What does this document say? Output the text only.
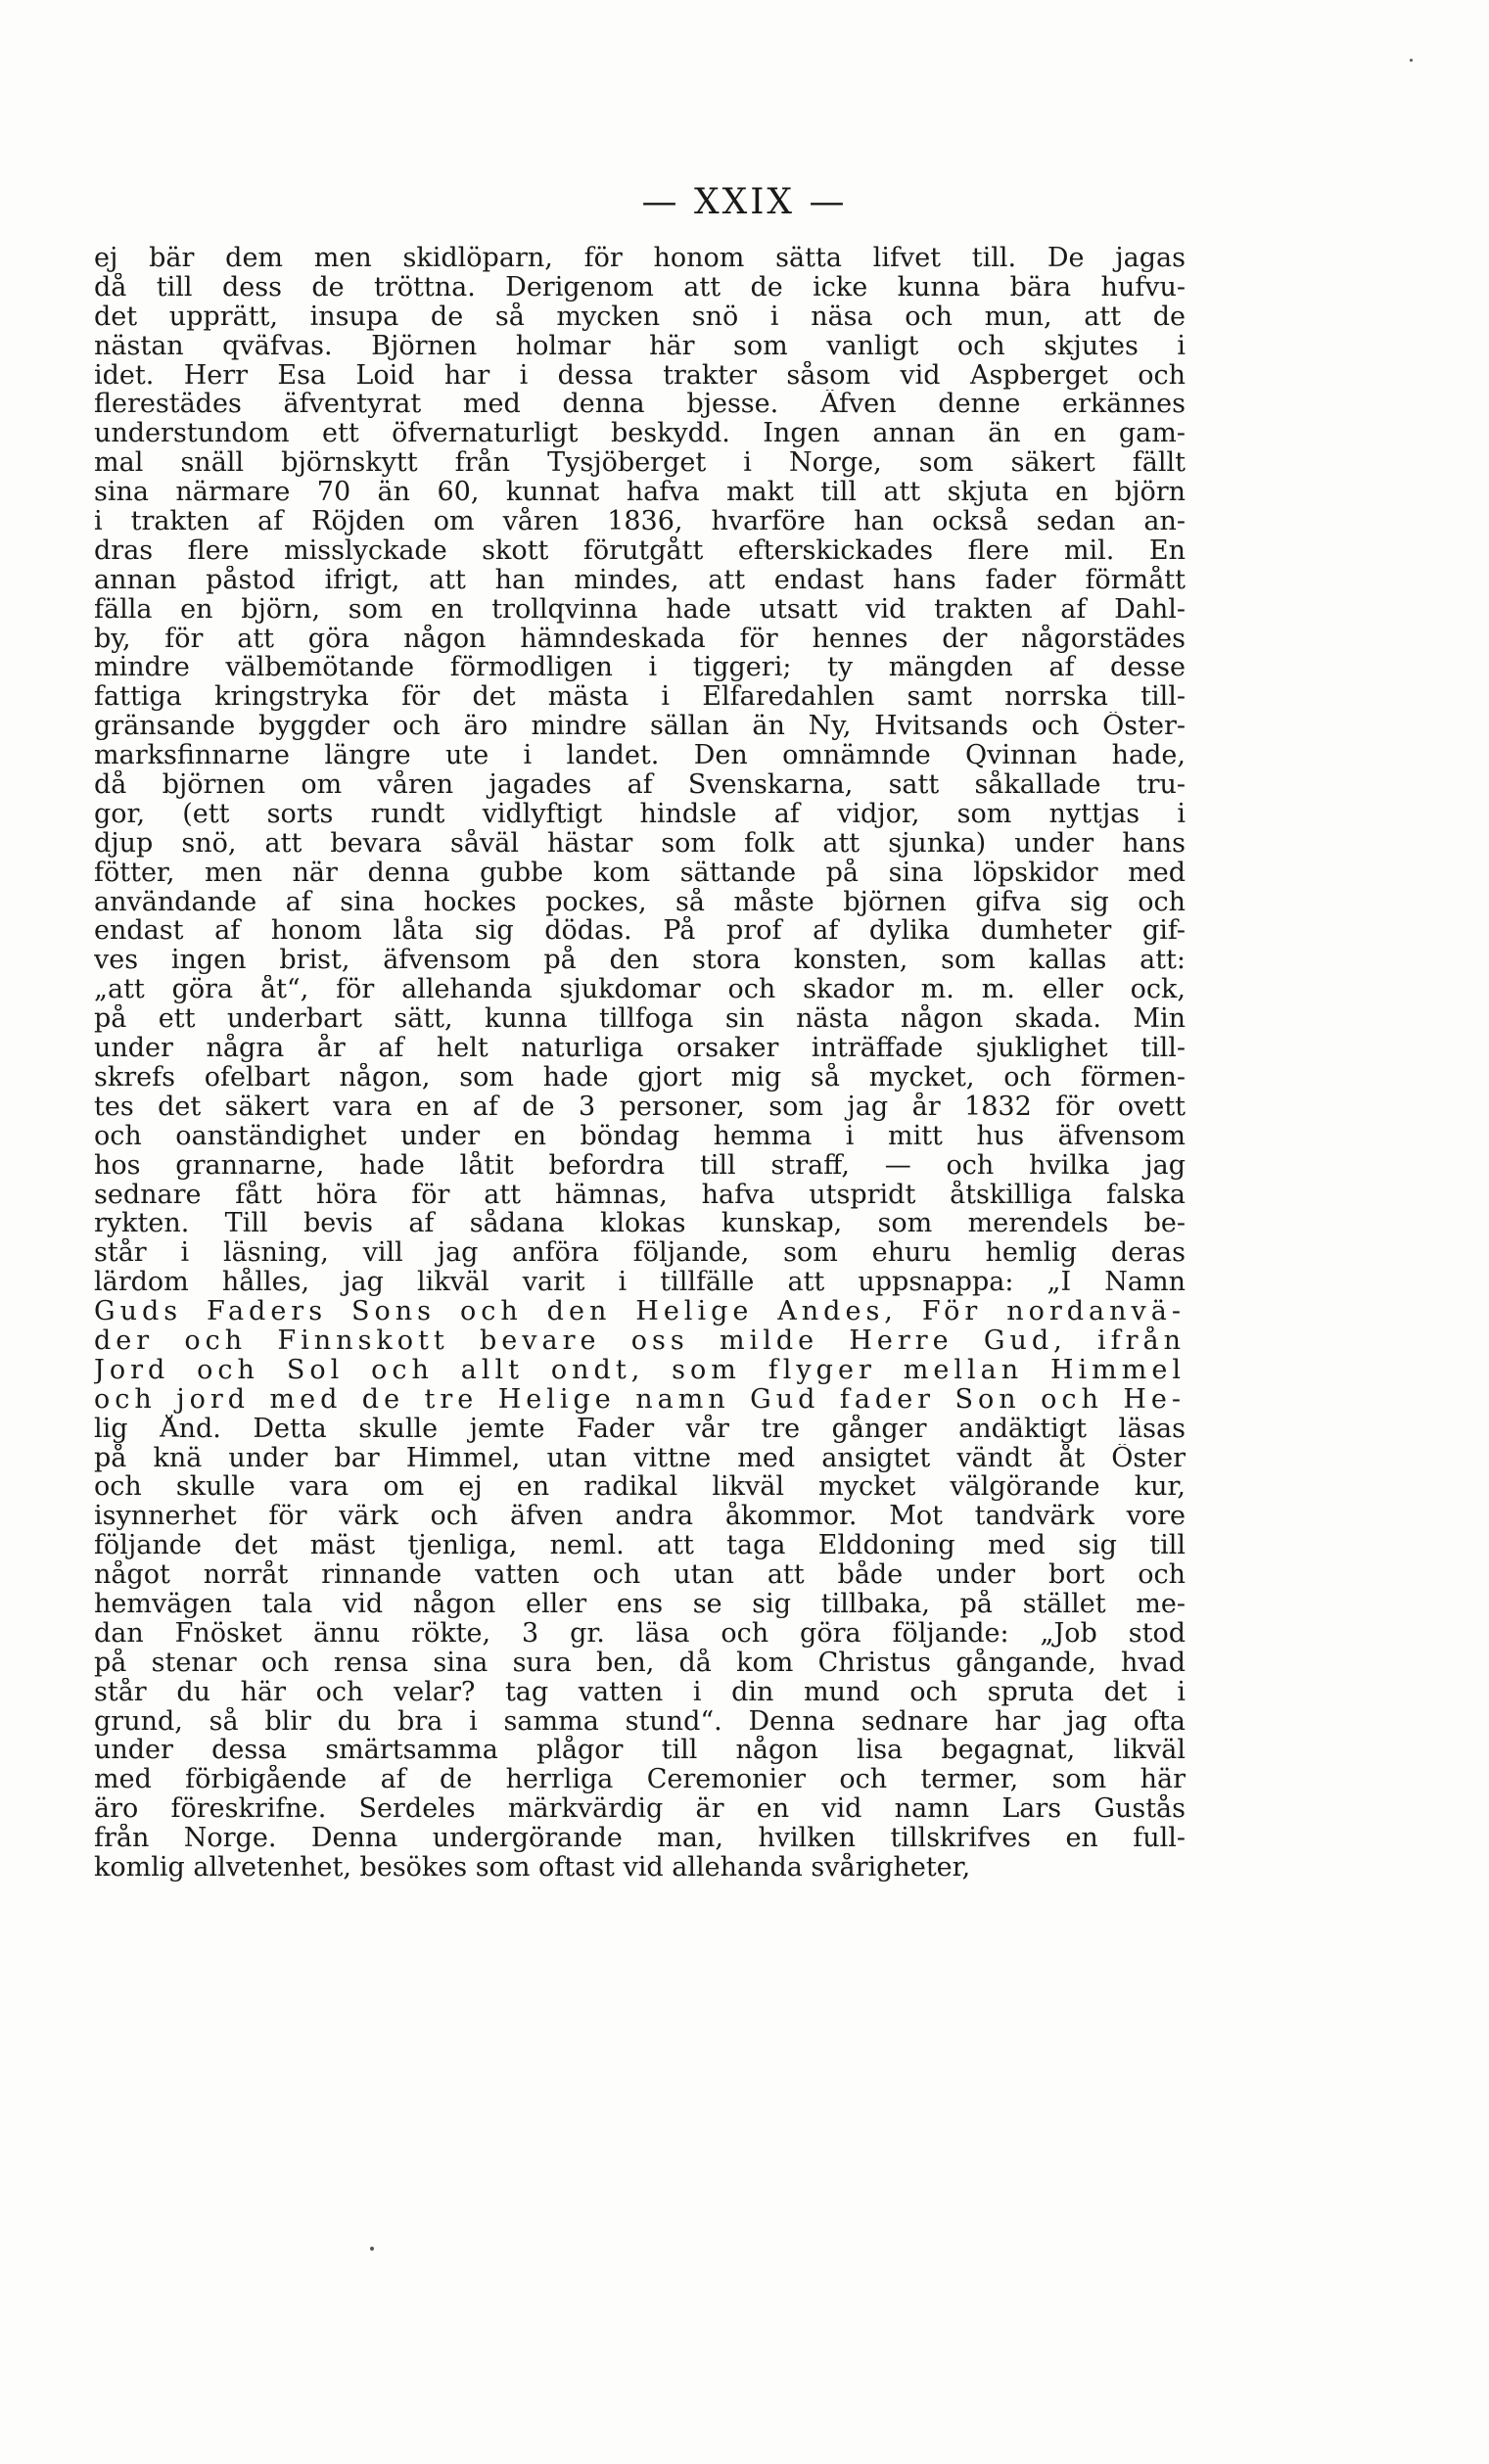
— XXIX —
ej bär dem men skidlöparn, för honom sätta lifvet till. De jagas
då till dess de tröttna. Derigenom att de icke kunna bära hufvu-
det upprätt, insupa de så mycken snö i näsa och mun, att de
nästan qväfvas. Björnen holmar här som vanligt och skjutes i
idet. Herr Esa Loid har i dessa trakter såsom vid Aspberget och
flerestädes äfventyrat med denna bjesse. Äfven denne erkännes
understundom ett öfvernaturligt beskydd. Ingen annan än en gam-
mal snäll björnskytt från Tysjöberget i Norge, som säkert fällt
sina närmare 70 än 60, kunnat hafva makt till att skjuta en björn
i trakten af Röjden om våren 1836, hvarföre han också sedan an-
dras flere misslyckade skott förutgått efterskickades flere mil. En
annan påstod ifrigt, att han mindes, att endast hans fader förmått
fälla en björn, som en trollqvinna hade utsatt vid trakten af Dahl-
by, för att göra någon hämndeskada för hennes der någorstädes
mindre välbemötande förmodligen i tiggeri; ty mängden af desse
fattiga kringstryka för det mästa i Elfaredahlen samt norrska till-
gränsande byggder och äro mindre sällan än Ny, Hvitsands och Öster-
marksfinnarne längre ute i landet. Den omnämnde Qvinnan hade,
då björnen om våren jagades af Svenskarna, satt såkallade tru-
gor, (ett sorts rundt vidlyftigt hindsle af vidjor, som nyttjas i
djup snö, att bevara såväl hästar som folk att sjunka) under hans
fötter, men när denna gubbe kom sättande på sina löpskidor med
användande af sina hockes pockes, så måste björnen gifva sig och
endast af honom låta sig dödas. På prof af dylika dumheter gif-
ves ingen brist, äfvensom på den stora konsten, som kallas att:
„att göra åt“, för allehanda sjukdomar och skador m. m. eller ock,
på ett underbart sätt, kunna tillfoga sin nästa någon skada. Min
under några år af helt naturliga orsaker inträffade sjuklighet till-
skrefs ofelbart någon, som hade gjort mig så mycket, och förmen-
tes det säkert vara en af de 3 personer, som jag år 1832 för ovett
och oanständighet under en böndag hemma i mitt hus äfvensom
hos grannarne, hade låtit befordra till straff, — och hvilka jag
sednare fått höra för att hämnas, hafva utspridt åtskilliga falska
rykten. Till bevis af sådana klokas kunskap, som merendels be-
står i läsning, vill jag anföra följande, som ehuru hemlig deras
lärdom hålles, jag likväl varit i tillfälle att uppsnappa: „I Namn
Guds Faders Sons och den Helige Andes, För nordanvä-
der och Finnskott bevare oss milde Herre Gud, ifrån
Jord och Sol och allt ondt, som flyger mellan Himmel
och jord med de tre Helige namn Gud fader Son och He-
lig Ånd. Detta skulle jemte Fader vår tre gånger andäktigt läsas
på knä under bar Himmel, utan vittne med ansigtet vändt åt Öster
och skulle vara om ej en radikal likväl mycket välgörande kur,
isynnerhet för värk och äfven andra åkommor. Mot tandvärk vore
följande det mäst tjenliga, neml. att taga Elddoning med sig till
något norråt rinnande vatten och utan att både under bort och
hemvägen tala vid någon eller ens se sig tillbaka, på stället me-
dan Fnösket ännu rökte, 3 gr. läsa och göra följande: „Job stod
på stenar och rensa sina sura ben, då kom Christus gångande, hvad
står du här och velar? tag vatten i din mund och spruta det i
grund, så blir du bra i samma stund“. Denna sednare har jag ofta
under dessa smärtsamma plågor till någon lisa begagnat, likväl
med förbigående af de herrliga Ceremonier och termer, som här
äro föreskrifne. Serdeles märkvärdig är en vid namn Lars Gustås
från Norge. Denna undergörande man, hvilken tillskrifves en full-
komlig allvetenhet, besökes som oftast vid allehanda svårigheter,
